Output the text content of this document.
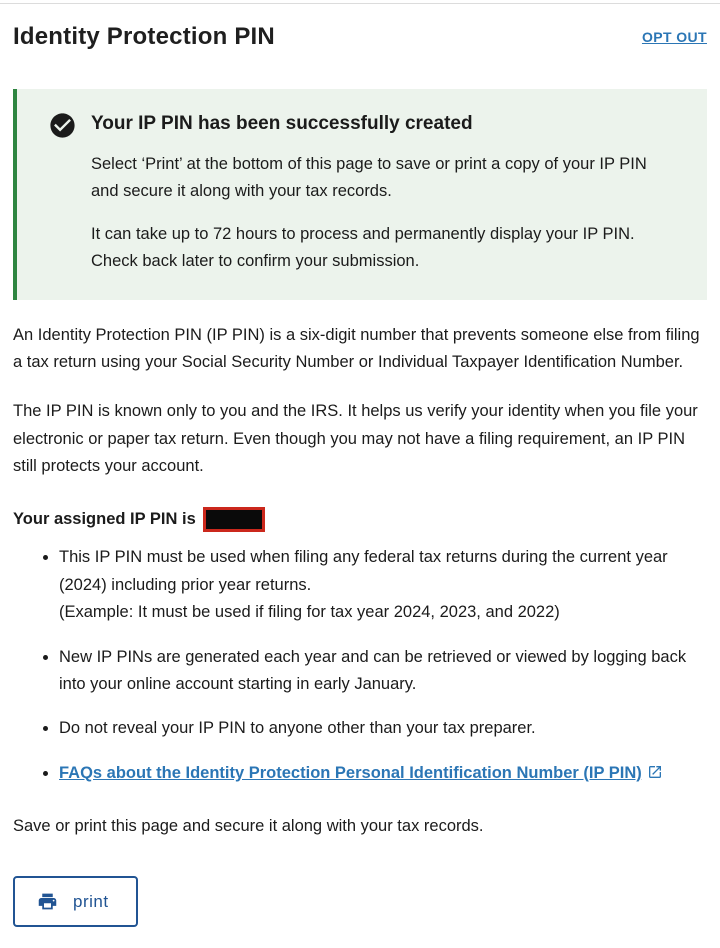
Identity Protection PIN	OPT OUT
Your IP PIN has been successfully created

Select ‘Print’ at the bottom of this page to save or print a copy of your IP PIN and secure it along with your tax records.

It can take up to 72 hours to process and permanently display your IP PIN. Check back later to confirm your submission.

An Identity Protection PIN (IP PIN) is a six-digit number that prevents someone else from filing a tax return using your Social Security Number or Individual Taxpayer Identification Number.

The IP PIN is known only to you and the IRS. It helps us verify your identity when you file your electronic or paper tax return. Even though you may not have a filing requirement, an IP PIN still protects your account.

Your assigned IP PIN is
• This IP PIN must be used when filing any federal tax returns during the current year (2024) including prior year returns.
(Example: It must be used if filing for tax year 2024, 2023, and 2022)
• New IP PINs are generated each year and can be retrieved or viewed by logging back into your online account starting in early January.
• Do not reveal your IP PIN to anyone other than your tax preparer.
• FAQs about the Identity Protection Personal Identification Number (IP PIN)

Save or print this page and secure it along with your tax records.

print
